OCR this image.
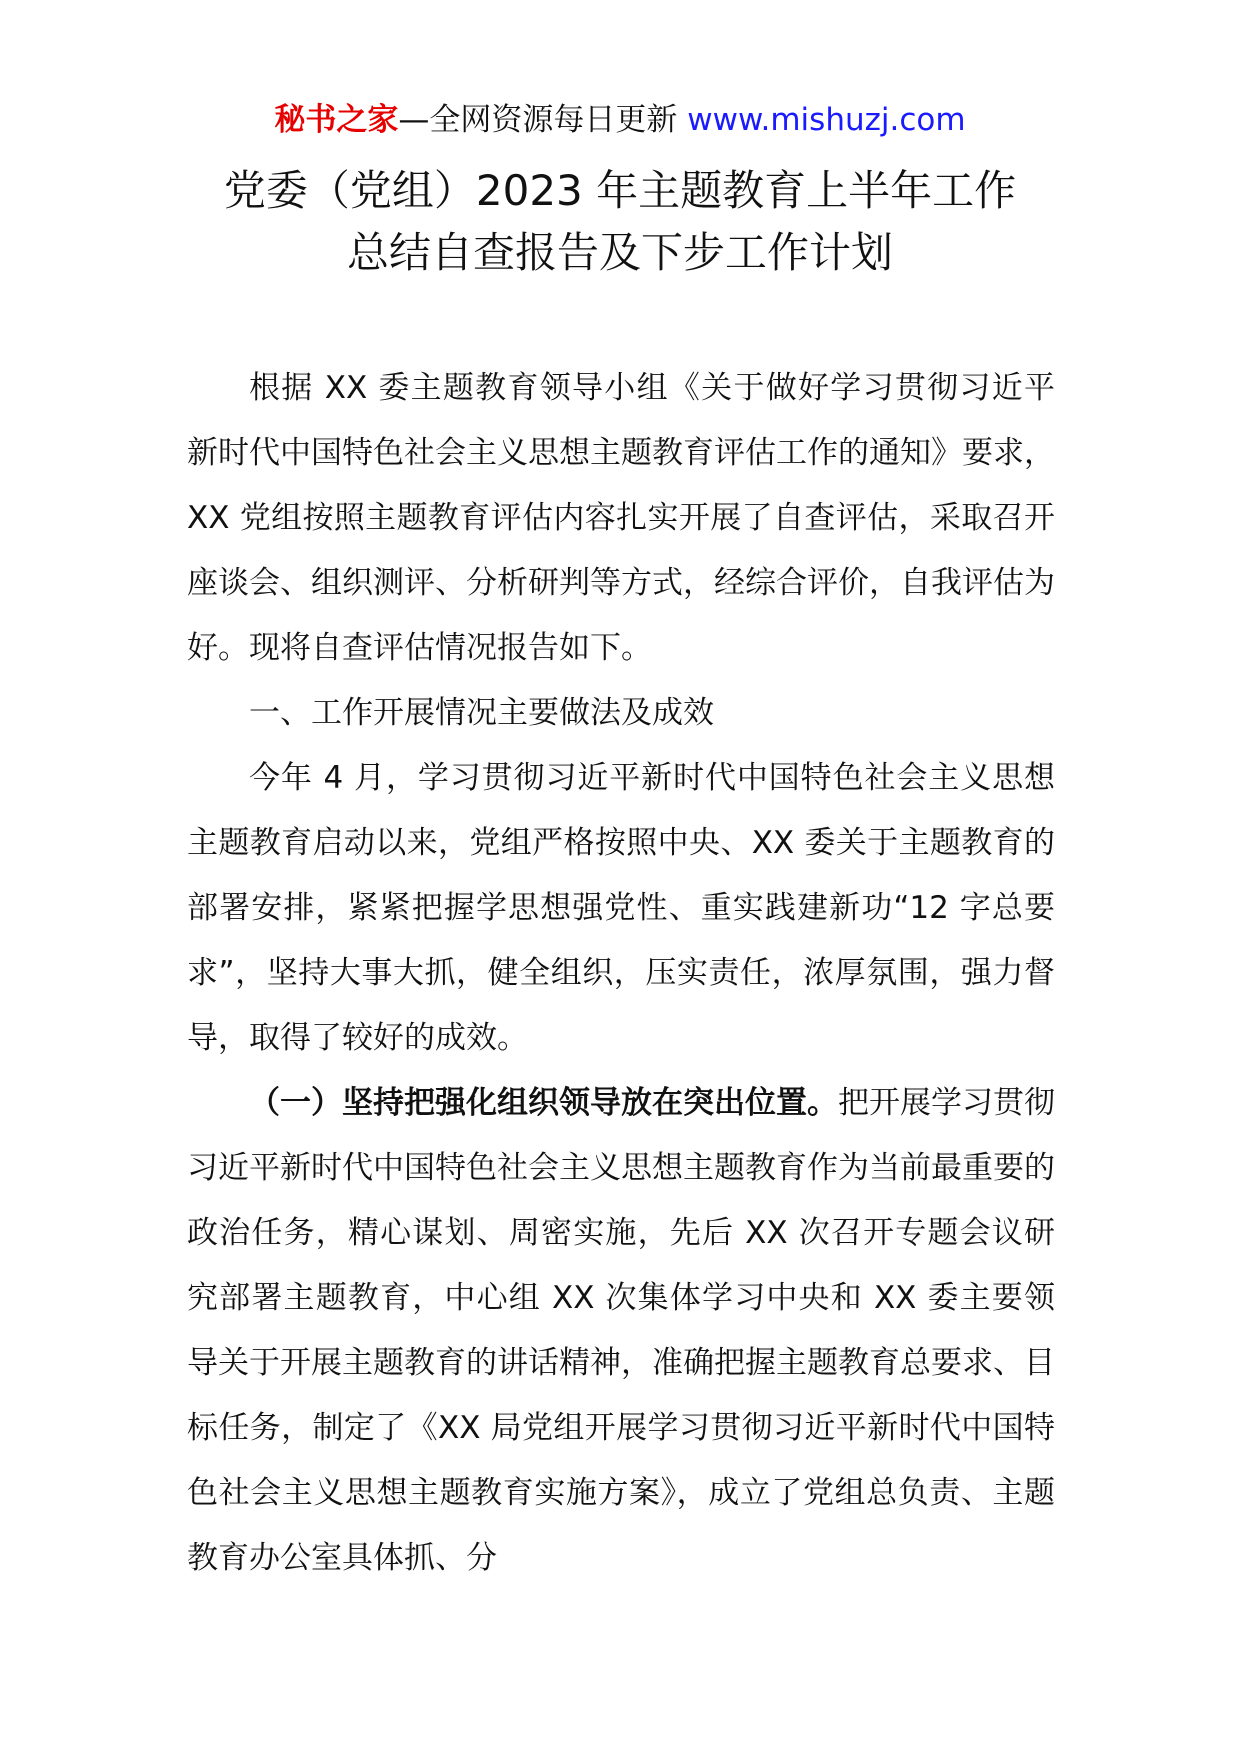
秘书之家—全网资源每日更新 www.mishuzj.com
党委（党组）2023 年主题教育上半年工作
总结自查报告及下步工作计划

根据 XX 委主题教育领导小组《关于做好学习贯彻习近平新时代中国特色社会主义思想主题教育评估工作的通知》要求，XX 党组按照主题教育评估内容扎实开展了自查评估，采取召开座谈会、组织测评、分析研判等方式，经综合评价，自我评估为好。现将自查评估情况报告如下。

一、工作开展情况主要做法及成效

今年 4 月，学习贯彻习近平新时代中国特色社会主义思想主题教育启动以来，党组严格按照中央、XX 委关于主题教育的部署安排，紧紧把握学思想强党性、重实践建新功“12 字总要求”，坚持大事大抓，健全组织，压实责任，浓厚氛围，强力督导，取得了较好的成效。

（一）坚持把强化组织领导放在突出位置。把开展学习贯彻习近平新时代中国特色社会主义思想主题教育作为当前最重要的政治任务，精心谋划、周密实施，先后 XX 次召开专题会议研究部署主题教育，中心组 XX 次集体学习中央和 XX 委主要领导关于开展主题教育的讲话精神，准确把握主题教育总要求、目标任务，制定了《XX 局党组开展学习贯彻习近平新时代中国特色社会主义思想主题教育实施方案》，成立了党组总负责、主题教育办公室具体抓、分
